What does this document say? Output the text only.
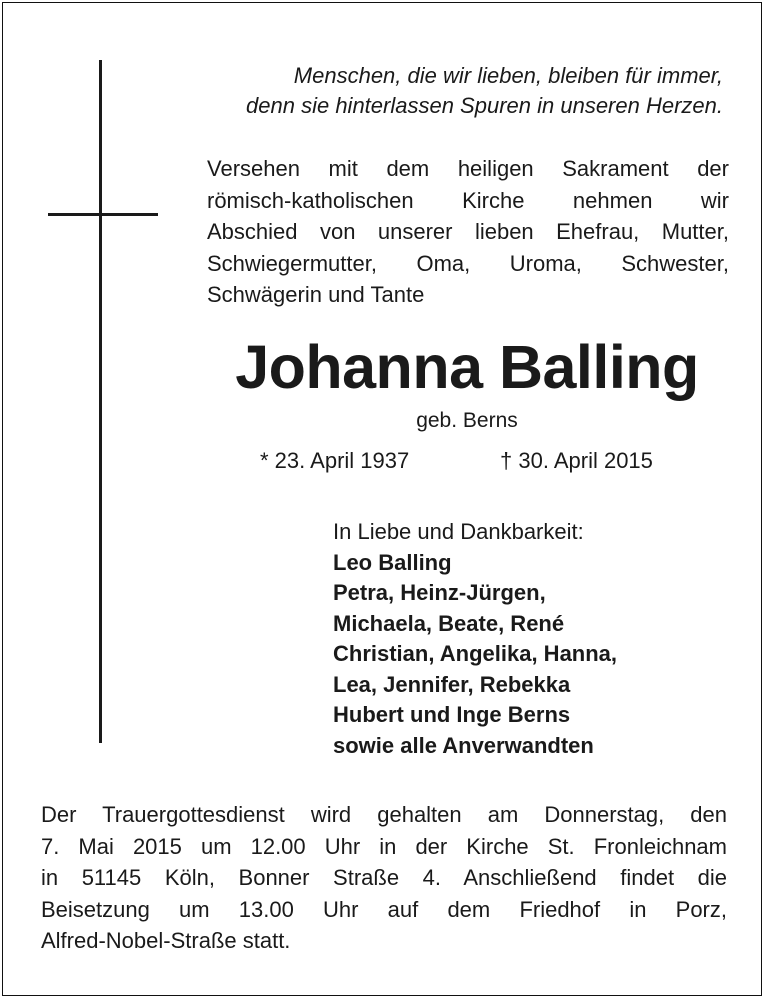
Menschen, die wir lieben, bleiben für immer,
denn sie hinterlassen Spuren in unseren Herzen.
Versehen mit dem heiligen Sakrament der
römisch-katholischen Kirche nehmen wir
Abschied von unserer lieben Ehefrau, Mutter,
Schwiegermutter, Oma, Uroma, Schwester,
Schwägerin und Tante
Johanna Balling
geb. Berns
* 23. April 1937	† 30. April 2015
In Liebe und Dankbarkeit:
Leo Balling
Petra, Heinz-Jürgen,
Michaela, Beate, René
Christian, Angelika, Hanna,
Lea, Jennifer, Rebekka
Hubert und Inge Berns
sowie alle Anverwandten
Der Trauergottesdienst wird gehalten am Donnerstag, den
7. Mai 2015 um 12.00 Uhr in der Kirche St. Fronleichnam
in 51145 Köln, Bonner Straße 4. Anschließend findet die
Beisetzung um 13.00 Uhr auf dem Friedhof in Porz,
Alfred-Nobel-Straße statt.
